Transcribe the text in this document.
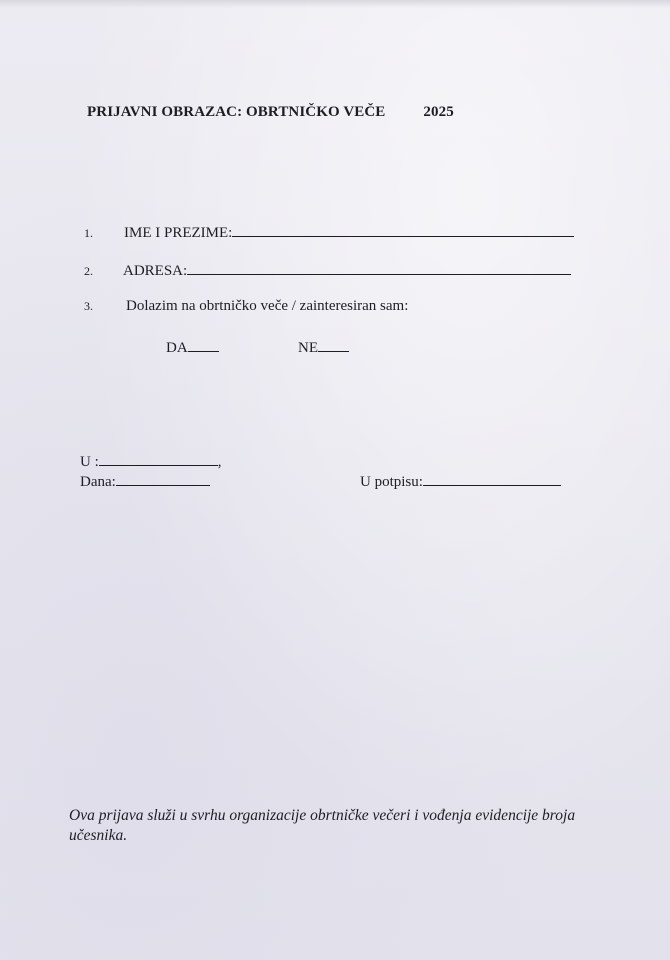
PRIJAVNI OBRAZAC: OBRTNIČKO VEČE	2025
1.	IME I PREZIME:
2.	ADRESA:
3.	Dolazim na obrtničko veče / zainteresiran sam:
DA	NE
U :	,
Dana:	U potpisu:
Ova prijava služi u svrhu organizacije obrtničke večeri i vođenja evidencije broja učesnika.
